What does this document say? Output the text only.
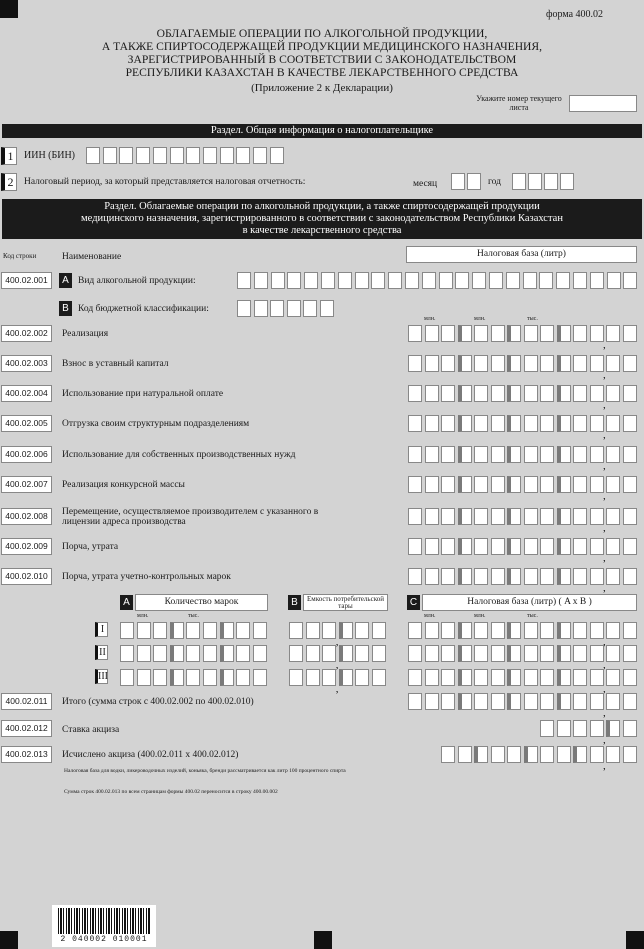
форма 400.02
ОБЛАГАЕМЫЕ ОПЕРАЦИИ ПО АЛКОГОЛЬНОЙ ПРОДУКЦИИ,
А ТАКЖЕ СПИРТОСОДЕРЖАЩЕЙ ПРОДУКЦИИ МЕДИЦИНСКОГО НАЗНАЧЕНИЯ,
ЗАРЕГИСТРИРОВАННЫЙ В СООТВЕТСТВИИ С ЗАКОНОДАТЕЛЬСТВОМ
РЕСПУБЛИКИ КАЗАХСТАН В КАЧЕСТВЕ ЛЕКАРСТВЕННОГО СРЕДСТВА
(Приложение 2 к Декларации)
Укажите номер текущего листа
Раздел. Общая информация о налогоплательщике
1	ИИН (БИН)
2	Налоговый период, за который представляется налоговая отчетность:	месяц	год
Раздел. Облагаемые операции по алкогольной продукции, а также спиртосодержащей продукции
медицинского назначения, зарегистрированного в соответствии с законодательством Республики Казахстан
в качестве лекарственного средства
Код строки	Наименование	Налоговая база (литр)
400.02.001	A Вид алкогольной продукции:
B Код бюджетной классификации:
млн.	млн.	тыс.
400.02.002	Реализация
,
400.02.003	Взнос в уставный капитал
,
400.02.004	Использование при натуральной оплате
,
400.02.005	Отгрузка своим структурным подразделениям
,
400.02.006	Использование для собственных производственных нужд
,
400.02.007	Реализация конкурсной массы
,
400.02.008	Перемещение, осуществляемое производителем с указанного в лицензии адреса производства	,
400.02.009	Порча, утрата
,
400.02.010	Порча, утрата учетно-контрольных марок
,
A	Количество марок	B	Емкость потребительской тары	C	Налоговая база (литр) ( A x B )
млн.	тыс.	млн.	млн.	тыс.
I
,	,
II
,	,
III
,	,
,
,
,
400.02.011	Итого (сумма строк с 400.02.002 по 400.02.010)
400.02.012	Ставка акциза
400.02.013	Исчислено акциза (400.02.011 x 400.02.012)
Налоговая база для водки, ликероводочных изделий, коньяка, бренди рассматривается как литр 100 процентного спирта
Сумма строк 400.02.013 по всем страницам формы 400.02 переносится в строку 400.00.002
2 040002 010001
